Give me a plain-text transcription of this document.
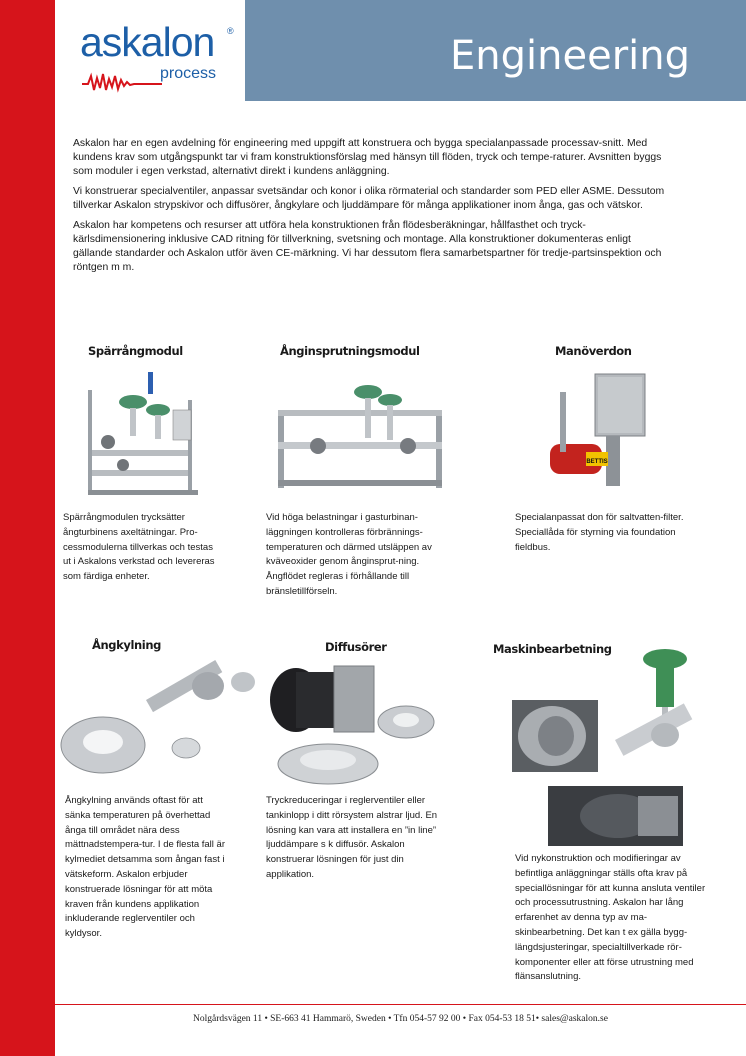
askalon ®
process	Engineering

Askalon har en egen avdelning för engineering med uppgift att konstruera och bygga specialanpassade processav-snitt. Med kundens krav som utgångspunkt tar vi fram konstruktionsförslag med hänsyn till flöden, tryck och tempe-raturer. Avsnitten byggs som moduler i egen verkstad, alternativt direkt i kundens anläggning.

Vi konstruerar specialventiler, anpassar svetsändar och konor i olika rörmaterial och standarder som PED eller ASME. Dessutom tillverkar Askalon strypskivor och diffusörer, ångkylare och ljuddämpare för många applikationer inom ånga, gas och vätskor.

Askalon har kompetens och resurser att utföra hela konstruktionen från flödesberäkningar, hållfasthet och tryck-kärlsdimensionering inklusive CAD ritning för tillverkning, svetsning och montage. Alla konstruktioner dokumenteras enligt gällande standarder och Askalon utför även CE-märkning. Vi har dessutom flera samarbetspartner för tredje-partsinspektion och röntgen m m.

Spärrångmodul
Spärrångmodulen trycksätter ångturbinens axeltätningar. Pro-cessmodulerna tillverkas och testas ut i Askalons verkstad och levereras som färdiga enheter.
Ånginsprutningsmodul
Vid höga belastningar i gasturbinan-läggningen kontrolleras förbrännings-temperaturen och därmed utsläppen av kväveoxider genom ånginsprut-ning. Ångflödet regleras i förhållande till bränsletillförseln.
Manöverdon
BETTIS
Specialanpassat don för saltvatten-filter. Speciallåda för styrning via foundation fieldbus.
Ångkylning
Ångkylning används oftast för att sänka temperaturen på överhettad ånga till området nära dess mättnadstempera-tur. I de flesta fall är kylmediet detsamma som ångan fast i vätskeform. Askalon erbjuder konstruerade lösningar för att möta kraven från kundens applikation inkluderande reglerventiler och kyldysor.
Diffusörer
Tryckreduceringar i reglerventiler eller tankinlopp i ditt rörsystem alstrar ljud. En lösning kan vara att installera en ”in line” ljuddämpare s k diffusör. Askalon konstruerar lösningen för just din applikation.
Maskinbearbetning
Vid nykonstruktion och modifieringar av befintliga anläggningar ställs ofta krav på speciallösningar för att kunna ansluta ventiler och processutrustning. Askalon har lång erfarenhet av denna typ av ma-skinbearbetning. Det kan t ex gälla bygg-längdsjusteringar, specialtillverkade rör-komponenter eller att förse utrustning med flänsanslutning.
Nolgårdsvägen 11 • SE-663 41 Hammarö, Sweden • Tfn 054-57 92 00 • Fax 054-53 18 51• sales@askalon.se
